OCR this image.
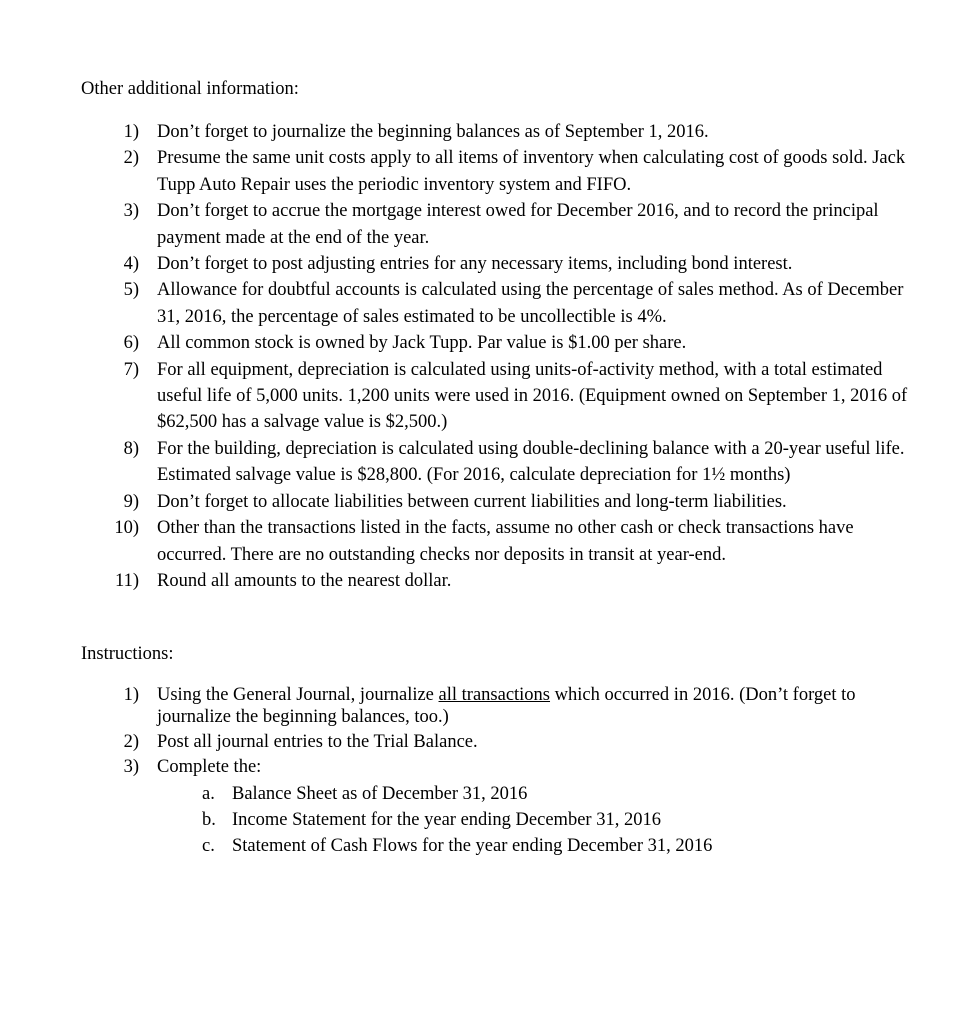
Other additional information:
1) Don’t forget to journalize the beginning balances as of September 1, 2016.
2) Presume the same unit costs apply to all items of inventory when calculating cost of goods sold. Jack Tupp Auto Repair uses the periodic inventory system and FIFO.
3) Don’t forget to accrue the mortgage interest owed for December 2016, and to record the principal payment made at the end of the year.
4) Don’t forget to post adjusting entries for any necessary items, including bond interest.
5) Allowance for doubtful accounts is calculated using the percentage of sales method. As of December 31, 2016, the percentage of sales estimated to be uncollectible is 4%.
6) All common stock is owned by Jack Tupp. Par value is $1.00 per share.
7) For all equipment, depreciation is calculated using units-of-activity method, with a total estimated useful life of 5,000 units. 1,200 units were used in 2016. (Equipment owned on September 1, 2016 of $62,500 has a salvage value is $2,500.)
8) For the building, depreciation is calculated using double-declining balance with a 20-year useful life. Estimated salvage value is $28,800. (For 2016, calculate depreciation for 1½ months)
9) Don’t forget to allocate liabilities between current liabilities and long-term liabilities.
10) Other than the transactions listed in the facts, assume no other cash or check transactions have occurred. There are no outstanding checks nor deposits in transit at year-end.
11) Round all amounts to the nearest dollar.
Instructions:
1) Using the General Journal, journalize all transactions which occurred in 2016. (Don’t forget to journalize the beginning balances, too.)
2) Post all journal entries to the Trial Balance.
3) Complete the:
a. Balance Sheet as of December 31, 2016
b. Income Statement for the year ending December 31, 2016
c. Statement of Cash Flows for the year ending December 31, 2016
